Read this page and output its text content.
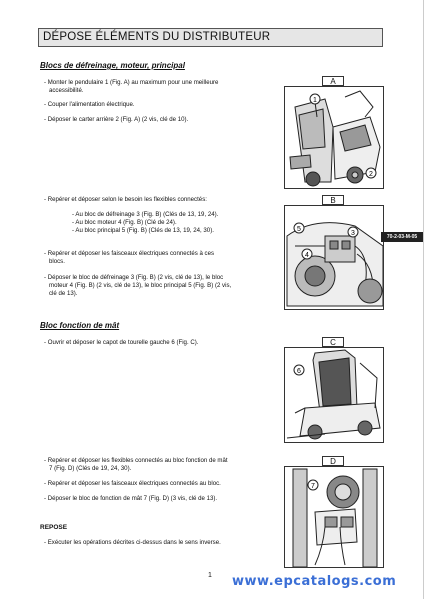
DÉPOSE ÉLÉMENTS DU DISTRIBUTEUR
Blocs de défreinage, moteur, principal
- Monter le pendulaire 1 (Fig. A) au maximum pour une meilleure
accessibilité.
- Couper l'alimentation électrique.
- Déposer le carter arrière 2 (Fig. A) (2 vis, clé de 10).
- Repérer et déposer selon le besoin les flexibles connectés:
- Au bloc de défreinage 3 (Fig. B) (Clés de 13, 19, 24).
- Au bloc moteur 4 (Fig. B) (Clé de 24).
- Au bloc principal 5 (Fig. B) (Clés de 13, 19, 24, 30).
- Repérer et déposer les faisceaux électriques connectés à ces
blocs.
- Déposer le bloc de défreinage 3 (Fig. B) (2 vis, clé de 13), le bloc
moteur 4 (Fig. B) (2 vis, clé de 13), le bloc principal 5 (Fig. B) (2 vis,
clé de 13).
Bloc fonction de mât
- Ouvrir et déposer le capot de tourelle gauche 6 (Fig. C).
- Repérer et déposer les flexibles connectés au bloc fonction de mât
7 (Fig. D) (Clés de 19, 24, 30).
- Repérer et déposer les faisceaux électriques connectés au bloc.
- Déposer le bloc de fonction de mât 7 (Fig. D) (3 vis, clé de 13).
REPOSE
- Exécuter les opérations décrites ci-dessus dans le sens inverse.
A
1
2
B
5
4
3	70-2-03-M-05
C
6
D
7
1 www.epcatalogs.com
